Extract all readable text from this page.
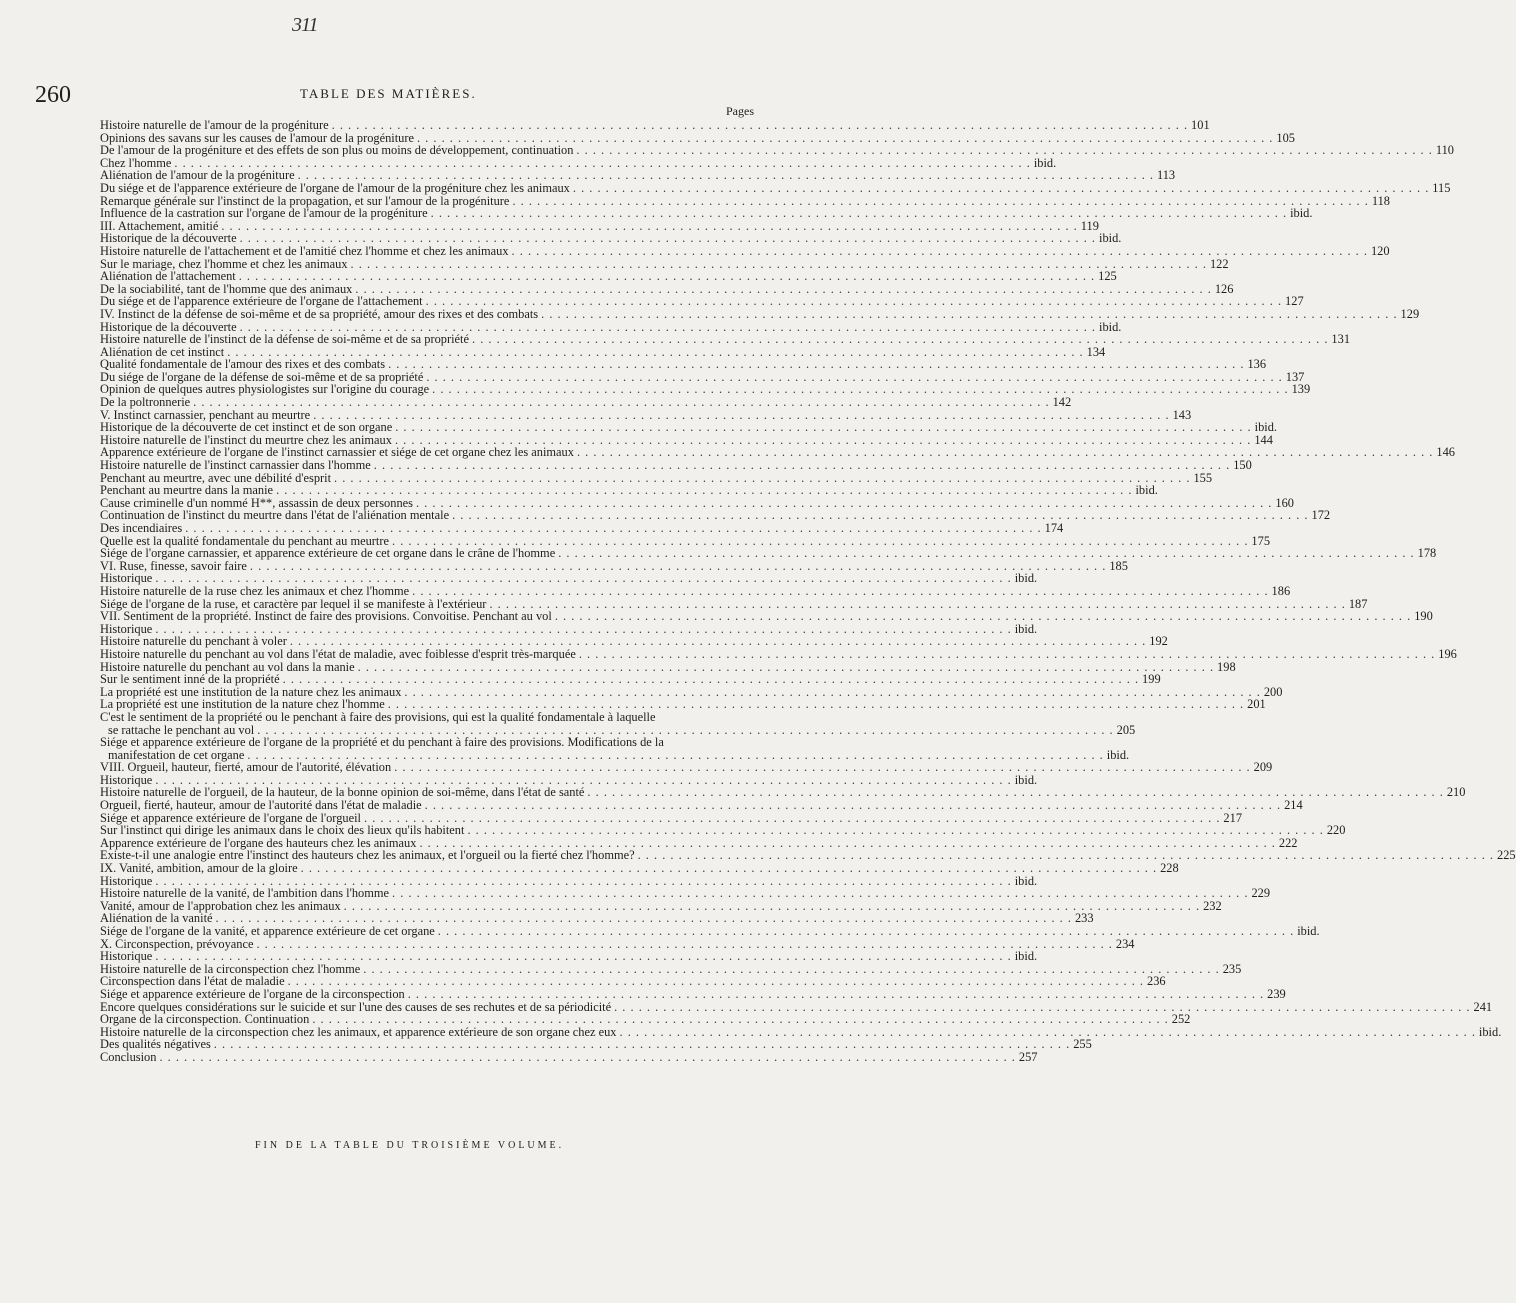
311
260	TABLE DES MATIÈRES.
Pages
Histoire naturelle de l'amour de la progéniture . . .	101
Opinions des savans sur les causes de l'amour de la progéniture . . .	105
De l'amour de la progéniture et des effets de son plus ou moins de développement, continuation . . .	110
Chez l'homme . . .	ibid.
Aliénation de l'amour de la progéniture . . .	113
Du siége et de l'apparence extérieure de l'organe de l'amour de la progéniture chez les animaux . . .	115
Remarque générale sur l'instinct de la propagation, et sur l'amour de la progéniture . . .	118
Influence de la castration sur l'organe de l'amour de la progéniture . . .	ibid.
III. Attachement, amitié . . .	119
Historique de la découverte . . .	ibid.
Histoire naturelle de l'attachement et de l'amitié chez l'homme et chez les animaux . . .	120
Sur le mariage, chez l'homme et chez les animaux . . .	122
Aliénation de l'attachement . . .	125
De la sociabilité, tant de l'homme que des animaux . . .	126
Du siége et de l'apparence extérieure de l'organe de l'attachement . . .	127
IV. Instinct de la défense de soi-même et de sa propriété, amour des rixes et des combats . . .	129
Historique de la découverte . . .	ibid.
Histoire naturelle de l'instinct de la défense de soi-même et de sa propriété . . .	131
Aliénation de cet instinct . . .	134
Qualité fondamentale de l'amour des rixes et des combats . . .	136
Du siége de l'organe de la défense de soi-même et de sa propriété . . .	137
Opinion de quelques autres physiologistes sur l'origine du courage . . .	139
De la poltronnerie . . .	142
V. Instinct carnassier, penchant au meurtre . . .	143
Historique de la découverte de cet instinct et de son organe . . .	ibid.
Histoire naturelle de l'instinct du meurtre chez les animaux . . .	144
Apparence extérieure de l'organe de l'instinct carnassier et siége de cet organe chez les animaux . . .	146
Histoire naturelle de l'instinct carnassier dans l'homme . . .	150
Penchant au meurtre, avec une débilité d'esprit . . .	155
Penchant au meurtre dans la manie . . .	ibid.
Cause criminelle d'un nommé H**, assassin de deux personnes . . .	160
Continuation de l'instinct du meurtre dans l'état de l'aliénation mentale . . .	172
Des incendiaires . . .	174
Quelle est la qualité fondamentale du penchant au meurtre . . .	175
Siége de l'organe carnassier, et apparence extérieure de cet organe dans le crâne de l'homme . . .	178
VI. Ruse, finesse, savoir faire . . .	185
Historique . . .	ibid.
Histoire naturelle de la ruse chez les animaux et chez l'homme . . .	186
Siége de l'organe de la ruse, et caractère par lequel il se manifeste à l'extérieur . . .	187
VII. Sentiment de la propriété. Instinct de faire des provisions. Convoitise. Penchant au vol . . .	190
Historique . . .	ibid.
Histoire naturelle du penchant à voler . . .	192
Histoire naturelle du penchant au vol dans l'état de maladie, avec foiblesse d'esprit très-marquée . . .	196
Histoire naturelle du penchant au vol dans la manie . . .	198
Sur le sentiment inné de la propriété . . .	199
La propriété est une institution de la nature chez les animaux . . .	200
La propriété est une institution de la nature chez l'homme . . .	201
C'est le sentiment de la propriété ou le penchant à faire des provisions, qui est la qualité fondamentale à laquelle
se rattache le penchant au vol . . .	205
Siége et apparence extérieure de l'organe de la propriété et du penchant à faire des provisions. Modifications de la
manifestation de cet organe . . .	ibid.
VIII. Orgueil, hauteur, fierté, amour de l'autorité, élévation . . .	209
Historique . . .	ibid.
Histoire naturelle de l'orgueil, de la hauteur, de la bonne opinion de soi-même, dans l'état de santé . . .	210
Orgueil, fierté, hauteur, amour de l'autorité dans l'état de maladie . . .	214
Siége et apparence extérieure de l'organe de l'orgueil . . .	217
Sur l'instinct qui dirige les animaux dans le choix des lieux qu'ils habitent . . .	220
Apparence extérieure de l'organe des hauteurs chez les animaux . . .	222
Existe-t-il une analogie entre l'instinct des hauteurs chez les animaux, et l'orgueil ou la fierté chez l'homme? . . .	225
IX. Vanité, ambition, amour de la gloire . . .	228
Historique . . .	ibid.
Histoire naturelle de la vanité, de l'ambition dans l'homme . . .	229
Vanité, amour de l'approbation chez les animaux . . .	232
Aliénation de la vanité . . .	233
Siége de l'organe de la vanité, et apparence extérieure de cet organe . . .	ibid.
X. Circonspection, prévoyance . . .	234
Historique . . .	ibid.
Histoire naturelle de la circonspection chez l'homme . . .	235
Circonspection dans l'état de maladie . . .	236
Siége et apparence extérieure de l'organe de la circonspection . . .	239
Encore quelques considérations sur le suicide et sur l'une des causes de ses rechutes et de sa périodicité . . .	241
Organe de la circonspection. Continuation . . .	252
Histoire naturelle de la circonspection chez les animaux, et apparence extérieure de son organe chez eux . . .	ibid.
Des qualités négatives . . .	255
Conclusion . . .	257
FIN DE LA TABLE DU TROISIÈME VOLUME.
